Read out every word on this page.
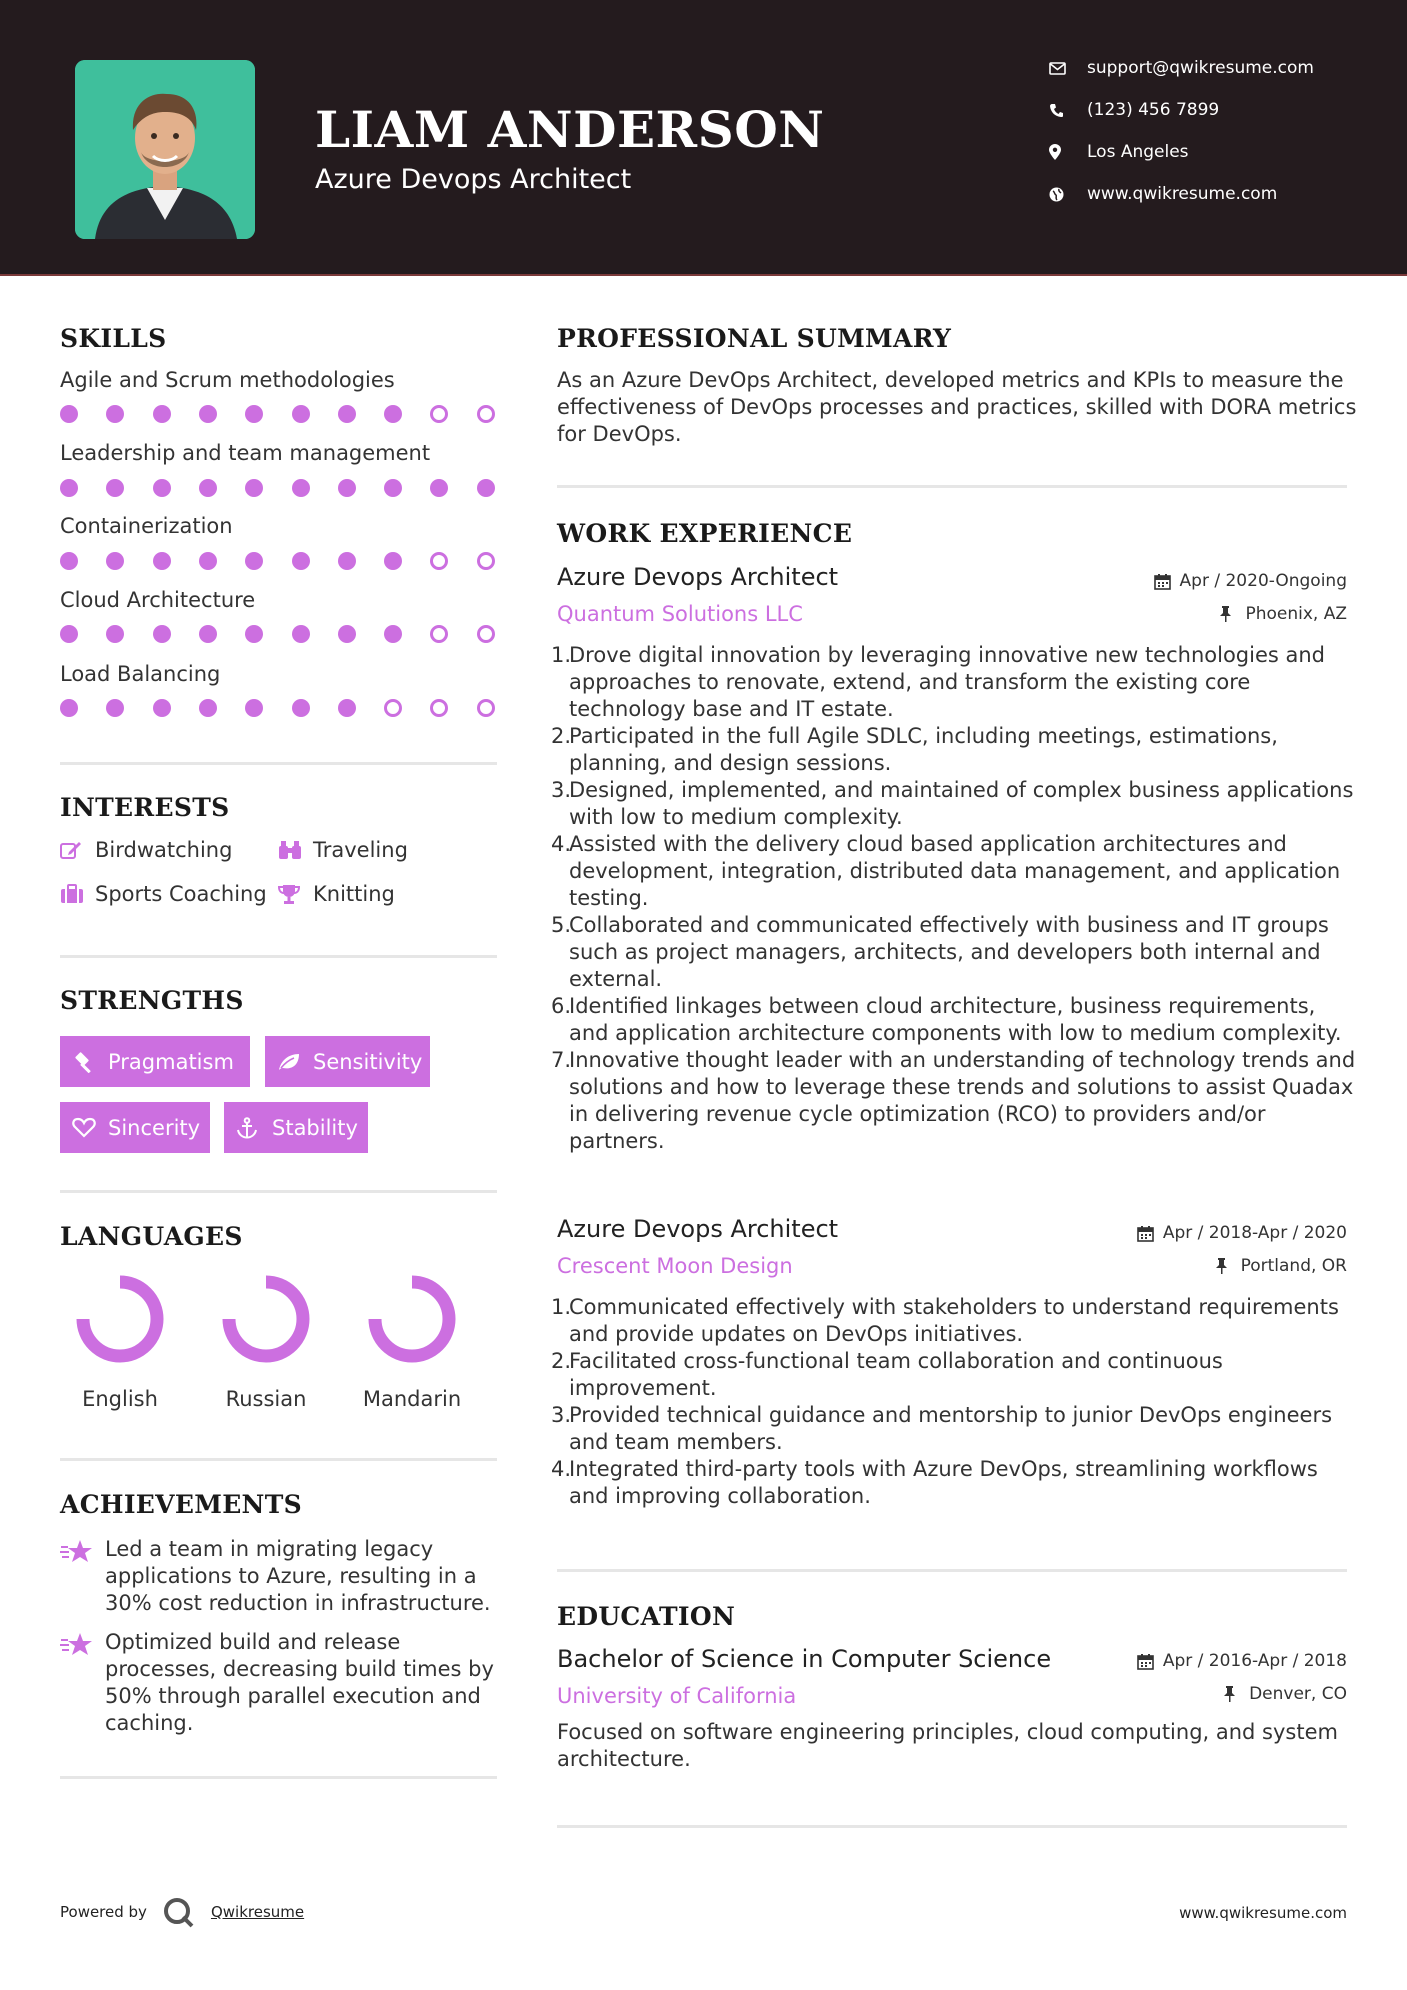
LIAM ANDERSON
Azure Devops Architect
support@qwikresume.com
(123) 456 7899
Los Angeles
www.qwikresume.com
SKILLS
Agile and Scrum methodologies
Leadership and team management
Containerization
Cloud Architecture
Load Balancing
INTERESTS
Birdwatching	Traveling
Sports Coaching Knitting
STRENGTHS
Pragmatism	Sensitivity
Sincerity	Stability
LANGUAGES
English	Russian	Mandarin
ACHIEVEMENTS
Led a team in migrating legacy applications to Azure, resulting in a 30% cost reduction in infrastructure.
Optimized build and release processes, decreasing build times by 50% through parallel execution and caching.
PROFESSIONAL SUMMARY
As an Azure DevOps Architect, developed metrics and KPIs to measure the effectiveness of DevOps processes and practices, skilled with DORA metrics for DevOps.
WORK EXPERIENCE
Azure Devops Architect	Apr / 2020-Ongoing
Quantum Solutions LLC	Phoenix, AZ
1.
Drove digital innovation by leveraging innovative new technologies and approaches to renovate, extend, and transform the existing core technology base and IT estate.
2.
Participated in the full Agile SDLC, including meetings, estimations, planning, and design sessions.
3.
Designed, implemented, and maintained of complex business applications with low to medium complexity.
4.
Assisted with the delivery cloud based application architectures and development, integration, distributed data management, and application testing.
5.
Collaborated and communicated effectively with business and IT groups such as project managers, architects, and developers both internal and external.
6.
Identified linkages between cloud architecture, business requirements, and application architecture components with low to medium complexity.
7.
Innovative thought leader with an understanding of technology trends and solutions and how to leverage these trends and solutions to assist Quadax in delivering revenue cycle optimization (RCO) to providers and/or partners.
Azure Devops Architect	Apr / 2018-Apr / 2020
Crescent Moon Design	Portland, OR
1.
Communicated effectively with stakeholders to understand requirements and provide updates on DevOps initiatives.
2.
Facilitated cross-functional team collaboration and continuous improvement.
3.
Provided technical guidance and mentorship to junior DevOps engineers and team members.
4.
Integrated third-party tools with Azure DevOps, streamlining workflows and improving collaboration.
EDUCATION
Bachelor of Science in Computer Science	Apr / 2016-Apr / 2018
University of California	Denver, CO
Focused on software engineering principles, cloud computing, and system architecture.
Powered by	Qwikresume	www.qwikresume.com
